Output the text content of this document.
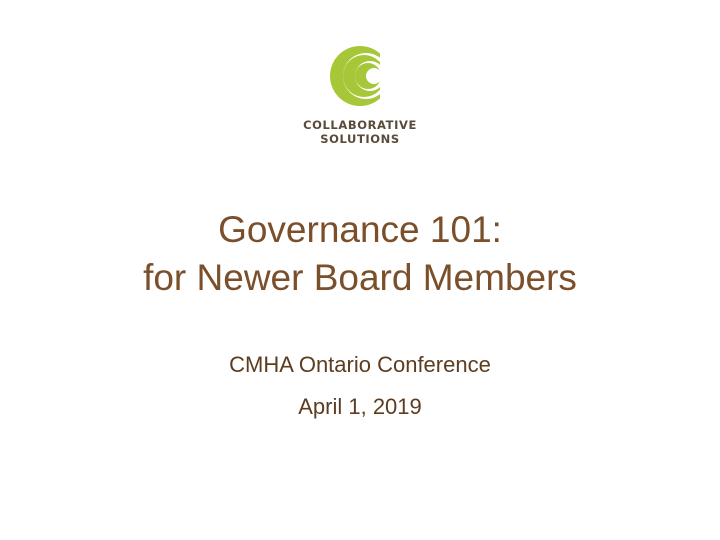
COLLABORATIVE
SOLUTIONS
Governance 101:
for Newer Board Members
CMHA Ontario Conference
April 1, 2019
